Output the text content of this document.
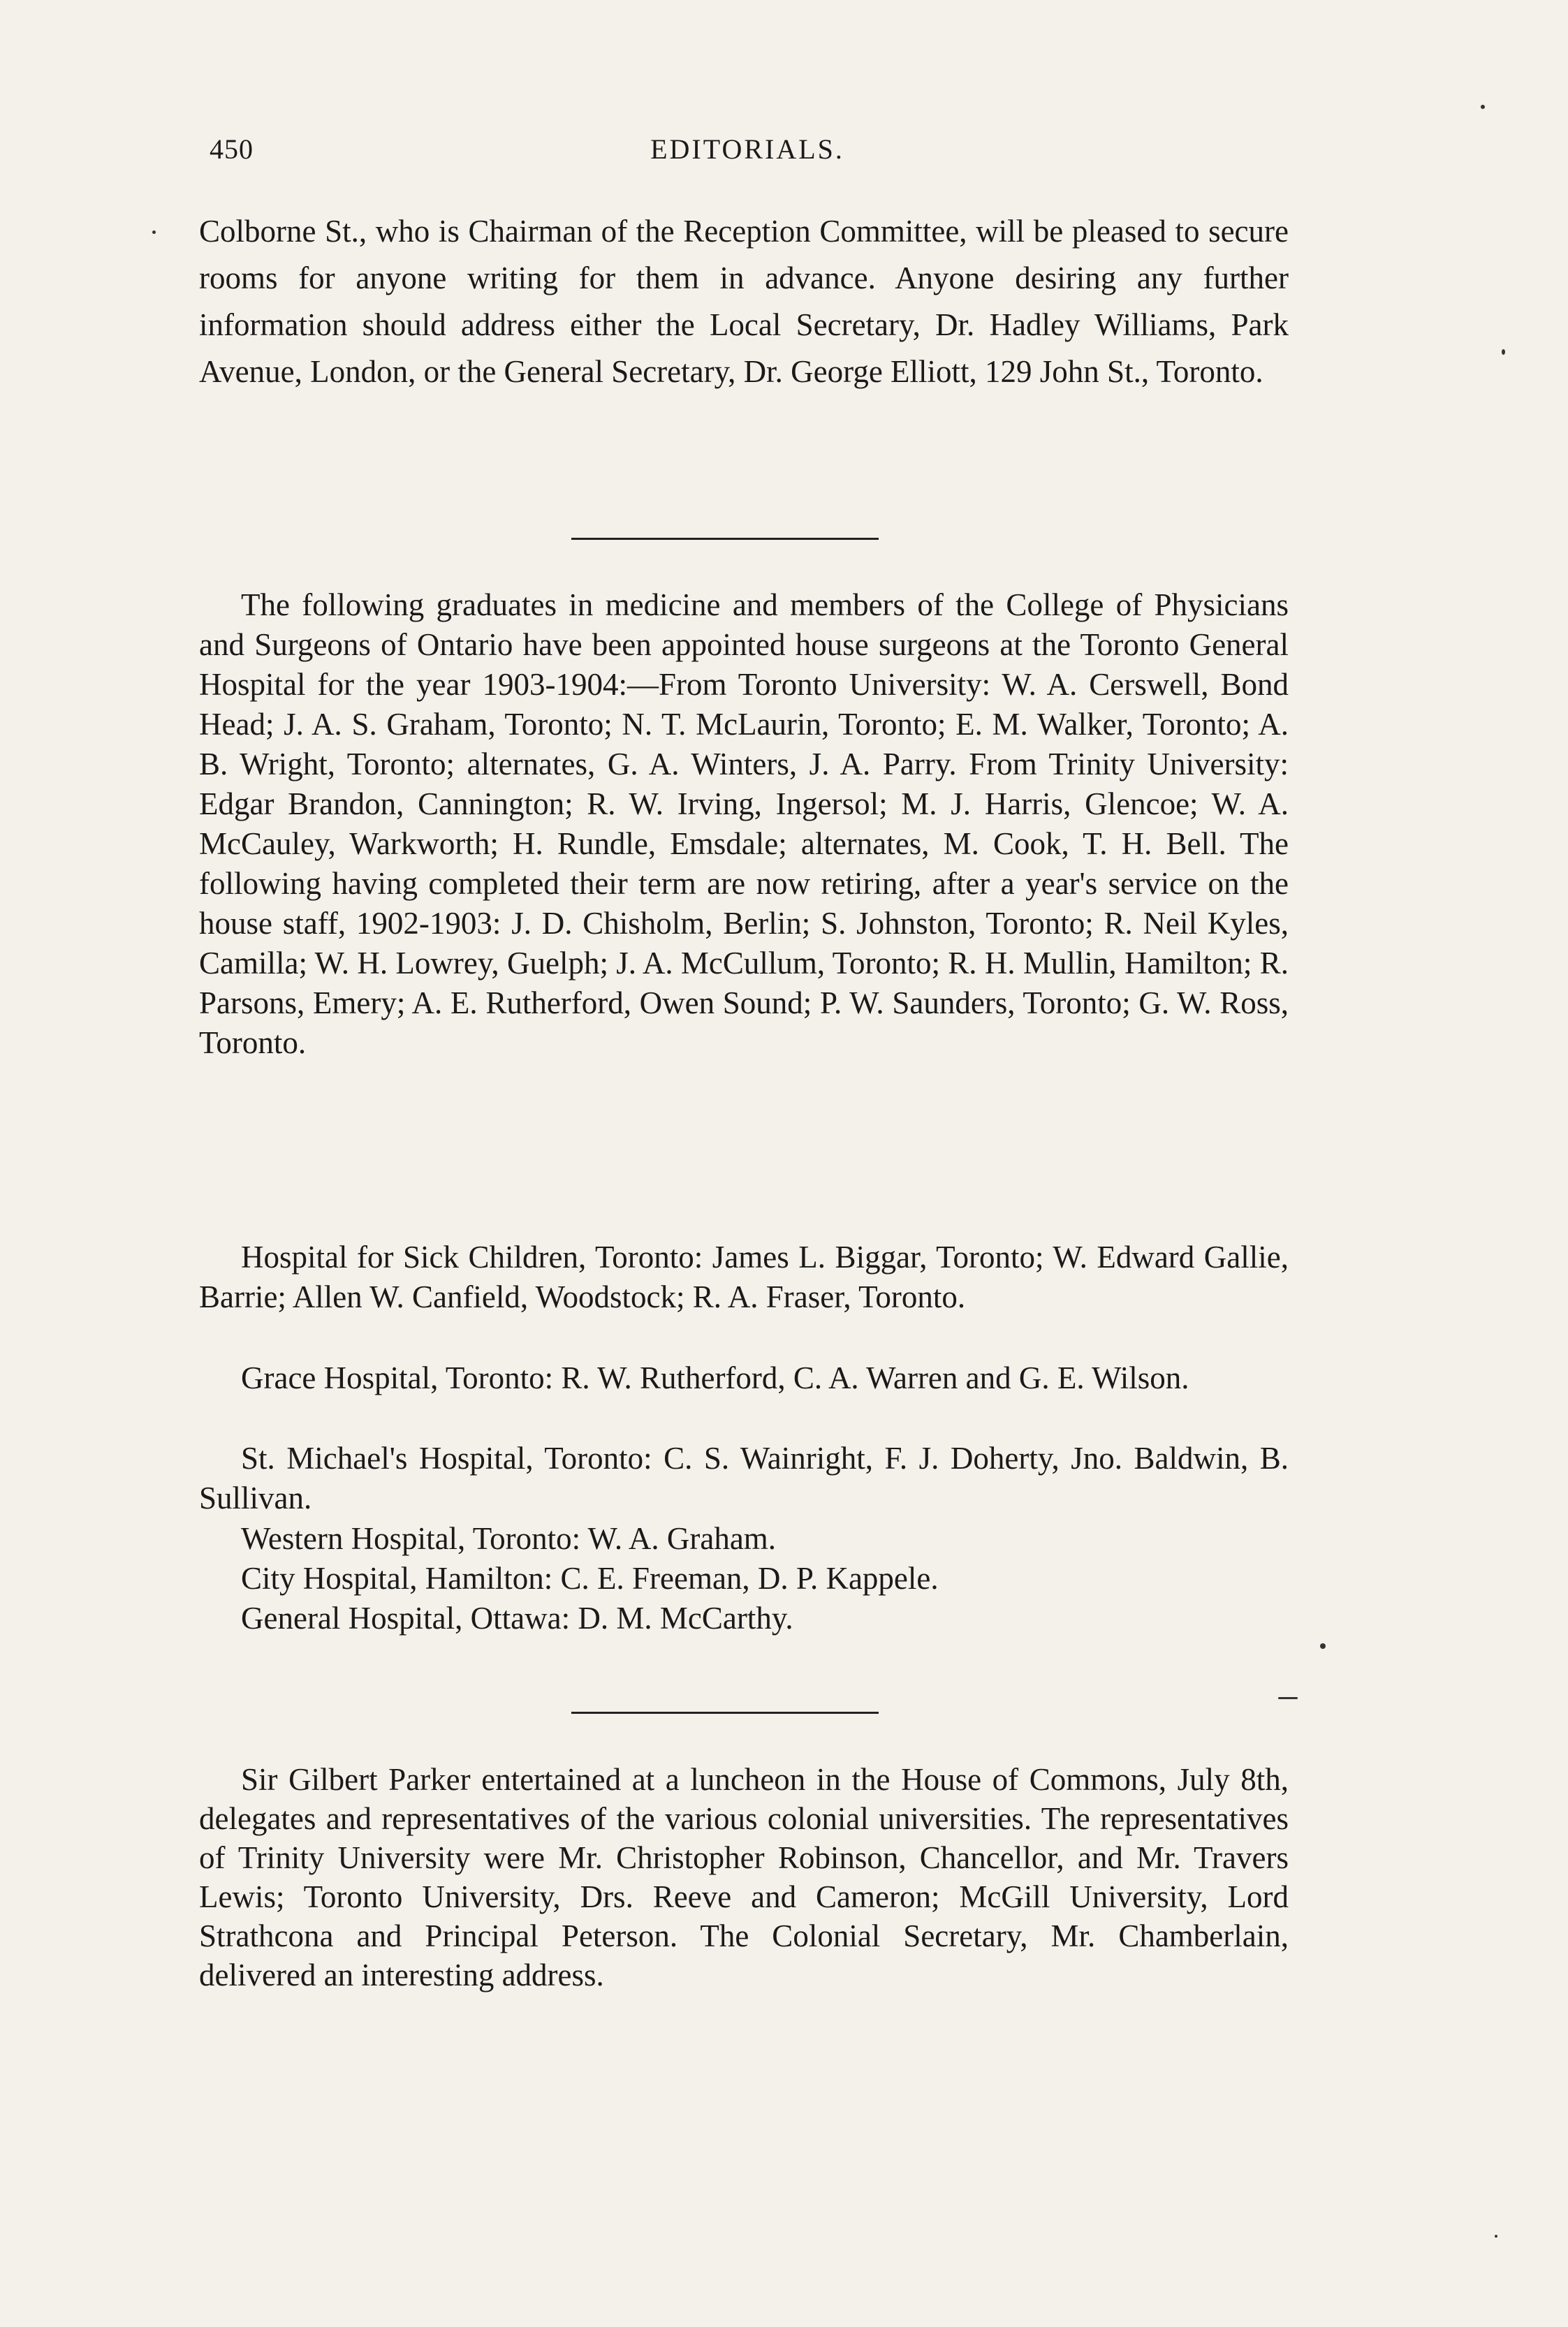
450	EDITORIALS.

Colborne St., who is Chairman of the Reception Committee, will be pleased to secure rooms for anyone writing for them in advance. Anyone desiring any further information should address either the Local Secretary, Dr. Hadley Williams, Park Avenue, London, or the General Secretary, Dr. George Elliott, 129 John St., Toronto.

The following graduates in medicine and members of the College of Physicians and Surgeons of Ontario have been appointed house surgeons at the Toronto General Hospital for the year 1903-1904:—From Toronto University: W. A. Cerswell, Bond Head; J. A. S. Graham, Toronto; N. T. McLaurin, Toronto; E. M. Walker, Toronto; A. B. Wright, Toronto; alternates, G. A. Winters, J. A. Parry. From Trinity University: Edgar Brandon, Cannington; R. W. Irving, Ingersol; M. J. Harris, Glencoe; W. A. McCauley, Warkworth; H. Rundle, Emsdale; alternates, M. Cook, T. H. Bell. The following having completed their term are now retiring, after a year's service on the house staff, 1902-1903: J. D. Chisholm, Berlin; S. Johnston, Toronto; R. Neil Kyles, Camilla; W. H. Lowrey, Guelph; J. A. McCullum, Toronto; R. H. Mullin, Hamilton; R. Parsons, Emery; A. E. Rutherford, Owen Sound; P. W. Saunders, Toronto; G. W. Ross, Toronto.

Hospital for Sick Children, Toronto: James L. Biggar, Toronto; W. Edward Gallie, Barrie; Allen W. Canfield, Woodstock; R. A. Fraser, Toronto.

Grace Hospital, Toronto: R. W. Rutherford, C. A. Warren and G. E. Wilson.

St. Michael's Hospital, Toronto: C. S. Wainright, F. J. Doherty, Jno. Baldwin, B. Sullivan.

Western Hospital, Toronto: W. A. Graham.

City Hospital, Hamilton: C. E. Freeman, D. P. Kappele.

General Hospital, Ottawa: D. M. McCarthy.

Sir Gilbert Parker entertained at a luncheon in the House of Commons, July 8th, delegates and representatives of the various colonial universities. The representatives of Trinity University were Mr. Christopher Robinson, Chancellor, and Mr. Travers Lewis; Toronto University, Drs. Reeve and Cameron; McGill University, Lord Strathcona and Principal Peterson. The Colonial Secretary, Mr. Chamberlain, delivered an interesting address.
